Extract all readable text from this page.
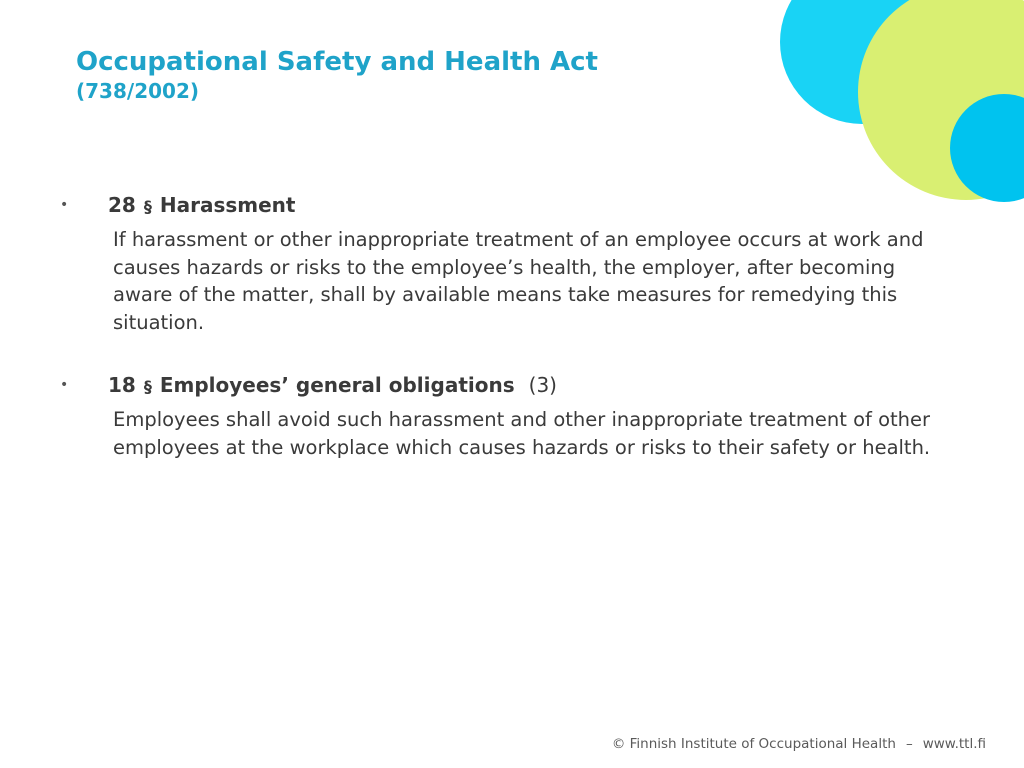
Occupational Safety and Health Act
(738/2002)
• 28 § Harassment
If harassment or other inappropriate treatment of an employee occurs at work and causes hazards or risks to the employee’s health, the employer, after becoming aware of the matter, shall by available means take measures for remedying this situation.
• 18 § Employees’ general obligations (3)
Employees shall avoid such harassment and other inappropriate treatment of other employees at the workplace which causes hazards or risks to their safety or health.
© Finnish Institute of Occupational Health – www.ttl.fi
